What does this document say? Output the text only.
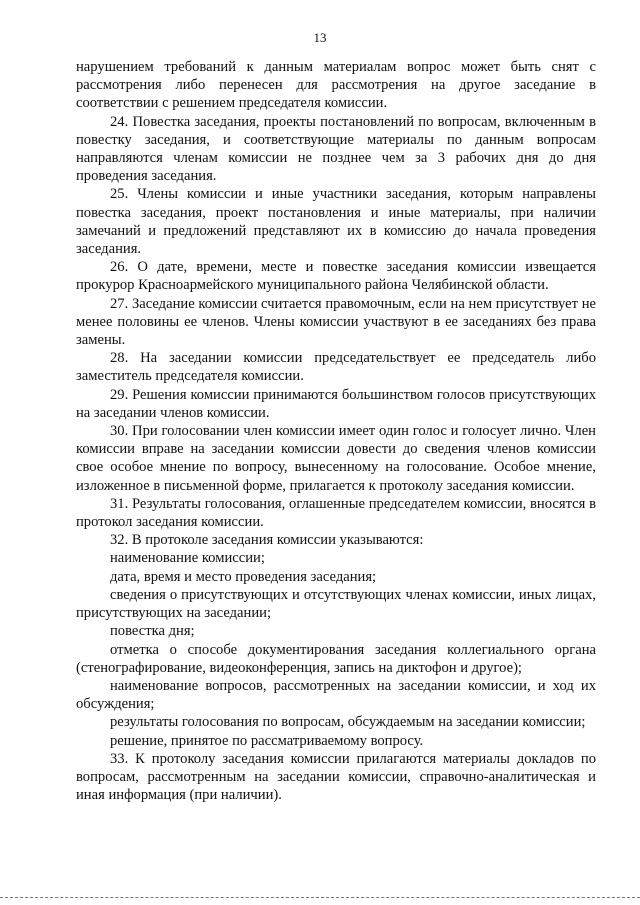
13

нарушением требований к данным материалам вопрос может быть снят с рассмотрения либо перенесен для рассмотрения на другое заседание в соответствии с решением председателя комиссии.

24. Повестка заседания, проекты постановлений по вопросам, включенным в повестку заседания, и соответствующие материалы по данным вопросам направляются членам комиссии не позднее чем за 3 рабочих дня до дня проведения заседания.

25. Члены комиссии и иные участники заседания, которым направлены повестка заседания, проект постановления и иные материалы, при наличии замечаний и предложений представляют их в комиссию до начала проведения заседания.

26. О дате, времени, месте и повестке заседания комиссии извещается прокурор Красноармейского муниципального района Челябинской области.

27. Заседание комиссии считается правомочным, если на нем присутствует не менее половины ее членов. Члены комиссии участвуют в ее заседаниях без права замены.

28. На заседании комиссии председательствует ее председатель либо заместитель председателя комиссии.

29. Решения комиссии принимаются большинством голосов присутствующих на заседании членов комиссии.

30. При голосовании член комиссии имеет один голос и голосует лично. Член комиссии вправе на заседании комиссии довести до сведения членов комиссии свое особое мнение по вопросу, вынесенному на голосование. Особое мнение, изложенное в письменной форме, прилагается к протоколу заседания комиссии.

31. Результаты голосования, оглашенные председателем комиссии, вносятся в протокол заседания комиссии.

32. В протоколе заседания комиссии указываются:

наименование комиссии;

дата, время и место проведения заседания;

сведения о присутствующих и отсутствующих членах комиссии, иных лицах, присутствующих на заседании;

повестка дня;

отметка о способе документирования заседания коллегиального органа (стенографирование, видеоконференция, запись на диктофон и другое);

наименование вопросов, рассмотренных на заседании комиссии, и ход их обсуждения;

результаты голосования по вопросам, обсуждаемым на заседании комиссии;

решение, принятое по рассматриваемому вопросу.

33. К протоколу заседания комиссии прилагаются материалы докладов по вопросам, рассмотренным на заседании комиссии, справочно-аналитическая и иная информация (при наличии).
